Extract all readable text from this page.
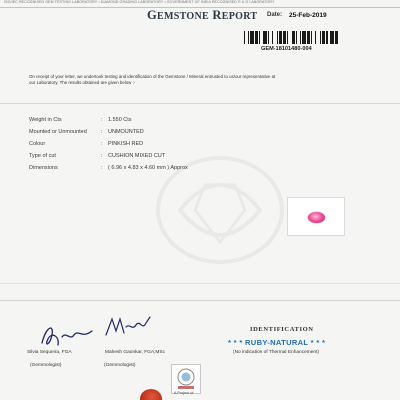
ISO/IEC RECOGNISED GEM TESTING LABORATORY • DIAMOND GRADING LABORATORY • GOVERNMENT OF INDIA RECOGNISED R & D LABORATORY
GEMSTONE REPORT Date: 25-Feb-2019
GEM-18101480-004
On receipt of your letter, we undertook testing and identification of the Gemstone / Mineral entrusted to us/our representative at our Laboratory. The results obtained are given below :-
Weight in Cts	: 1.550 Cts
Mounted or Unmounted	: UNMOUNTED
Colour	: PINKISH RED
Type of cut	: CUSHION MIXED CUT
Dimensions	: ( 6.96 x 4.83 x 4.60 mm ) Approx
Silvia Sequeira, FGA
(Gemmologist)
Mahesh Gaonkar, FGA,MSc
(Gemmologist)
IDENTIFICATION
* * * RUBY-NATURAL * * *
(No indication of Thermal Enhancement)
A Project of
